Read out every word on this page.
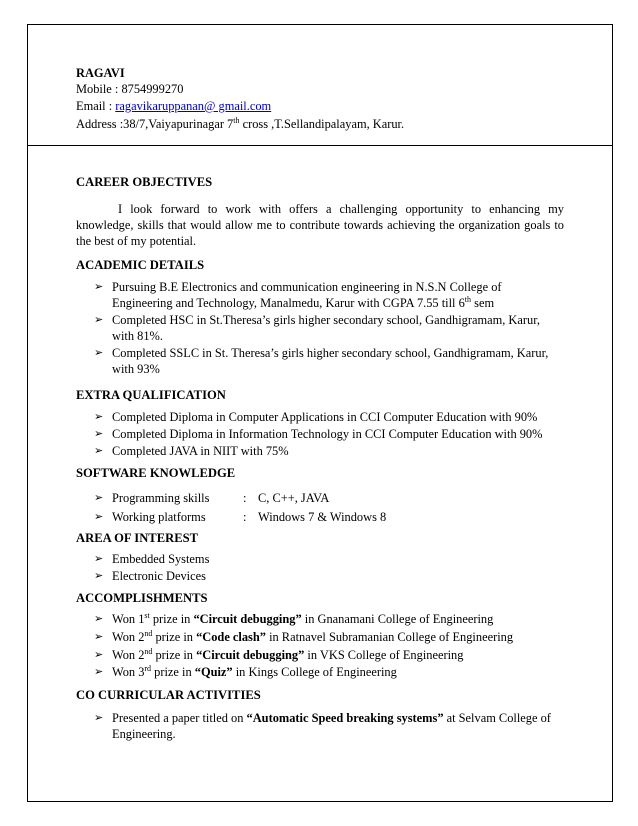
RAGAVI
Mobile : 8754999270
Email : ragavikaruppanan@ gmail.com
Address :38/7,Vaiyapurinagar 7th cross ,T.Sellandipalayam, Karur.
CAREER OBJECTIVES
I look forward to work with offers a challenging opportunity to enhancing my
knowledge, skills that would allow me to contribute towards achieving the organization goals to
the best of my potential.
ACADEMIC DETAILS
➢ Pursuing B.E Electronics and communication engineering in N.S.N College of
Engineering and Technology, Manalmedu, Karur with CGPA 7.55 till 6th sem
➢ Completed HSC in St.Theresa’s girls higher secondary school, Gandhigramam, Karur,
with 81%.
➢ Completed SSLC in St. Theresa’s girls higher secondary school, Gandhigramam, Karur,
with 93%
EXTRA QUALIFICATION
➢ Completed Diploma in Computer Applications in CCI Computer Education with 90%
➢ Completed Diploma in Information Technology in CCI Computer Education with 90%
➢ Completed JAVA in NIIT with 75%
SOFTWARE KNOWLEDGE
➢ Programming skills	: C, C++, JAVA
➢ Working platforms	: Windows 7 & Windows 8
AREA OF INTEREST
➢ Embedded Systems
➢ Electronic Devices
ACCOMPLISHMENTS
➢ Won 1st prize in “Circuit debugging” in Gnanamani College of Engineering
➢ Won 2nd prize in “Code clash” in Ratnavel Subramanian College of Engineering
➢ Won 2nd prize in “Circuit debugging” in VKS College of Engineering
➢ Won 3rd prize in “Quiz” in Kings College of Engineering
CO CURRICULAR ACTIVITIES
➢ Presented a paper titled on “Automatic Speed breaking systems” at Selvam College of
Engineering.
